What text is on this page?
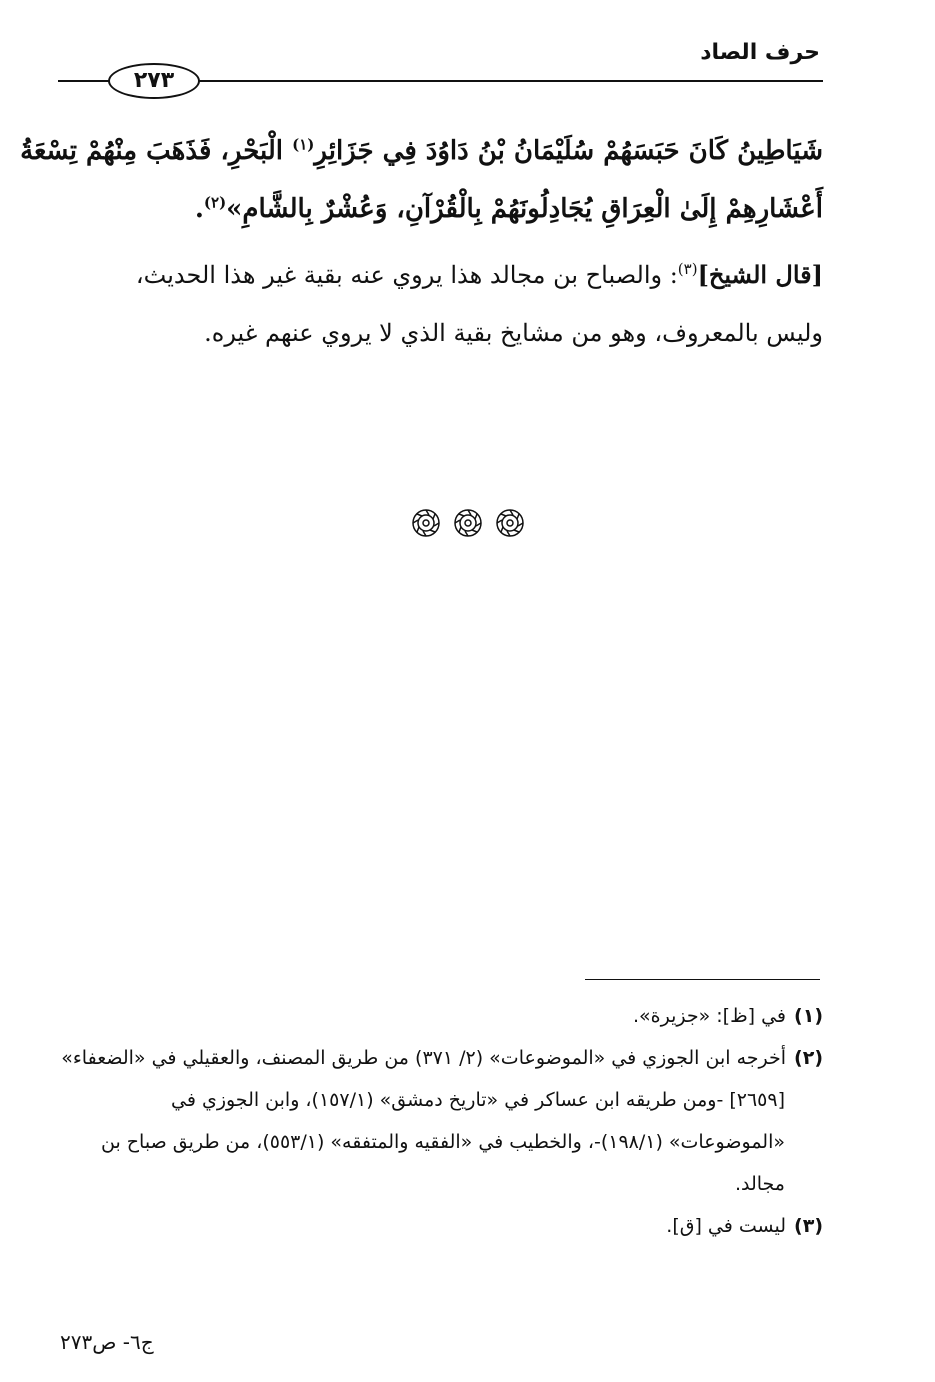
حرف الصاد
٢٧٣
شَيَاطِينُ كَانَ حَبَسَهُمْ سُلَيْمَانُ بْنُ دَاوُدَ فِي جَزَائِرِ$^{(١)}$ الْبَحْرِ، فَذَهَبَ مِنْهُمْ تِسْعَةُ
أَعْشَارِهِمْ إِلَىٰ الْعِرَاقِ يُجَادِلُونَهُمْ بِالْقُرْآنِ، وَعُشْرٌ بِالشَّامِ»$^{(٢)}$.
[قال الشيخ]$^{(٣)}$: والصباح بن مجالد هذا يروي عنه بقية غير هذا الحديث،
وليس بالمعروف، وهو من مشايخ بقية الذي لا يروي عنهم غيره.
(١)في [ظ]: «جزيرة».
(٢)أخرجه ابن الجوزي في «الموضوعات» (٢/ ٣٧١) من طريق المصنف، والعقيلي في «الضعفاء»
[٢٦٥٩] -ومن طريقه ابن عساكر في «تاريخ دمشق» (١٥٧/١)، وابن الجوزي في
«الموضوعات» (١٩٨/١)-، والخطيب في «الفقيه والمتفقه» (٥٥٣/١)، من طريق صباح بن
مجالد.
(٣)ليست في [ق].
ج٦- ص٢٧٣
